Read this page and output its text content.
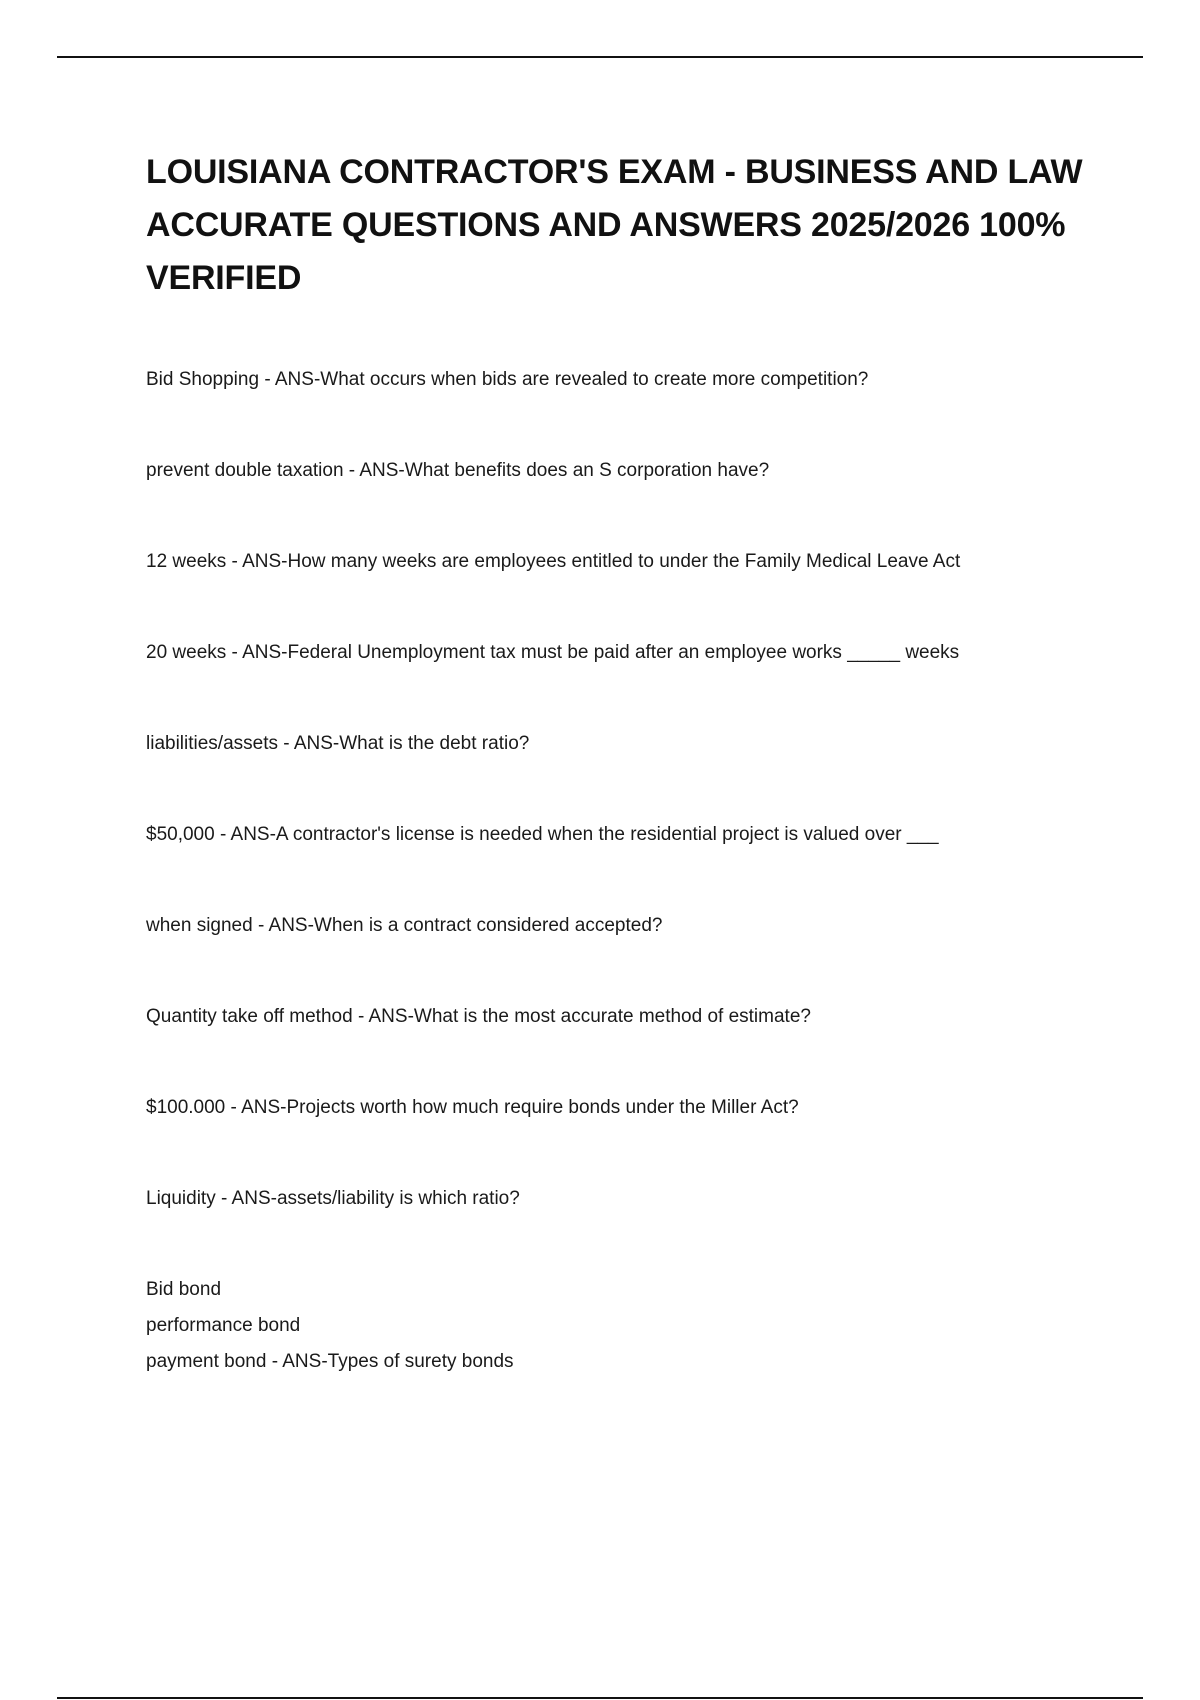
LOUISIANA CONTRACTOR'S EXAM - BUSINESS AND LAW ACCURATE QUESTIONS AND ANSWERS 2025/2026 100% VERIFIED
Bid Shopping - ANS-What occurs when bids are revealed to create more competition?
prevent double taxation - ANS-What benefits does an S corporation have?
12 weeks - ANS-How many weeks are employees entitled to under the Family Medical Leave Act
20 weeks - ANS-Federal Unemployment tax must be paid after an employee works _____ weeks
liabilities/assets - ANS-What is the debt ratio?
$50,000 - ANS-A contractor's license is needed when the residential project is valued over ___
when signed - ANS-When is a contract considered accepted?
Quantity take off method - ANS-What is the most accurate method of estimate?
$100.000 - ANS-Projects worth how much require bonds under the Miller Act?
Liquidity - ANS-assets/liability is which ratio?
Bid bond
performance bond
payment bond - ANS-Types of surety bonds
